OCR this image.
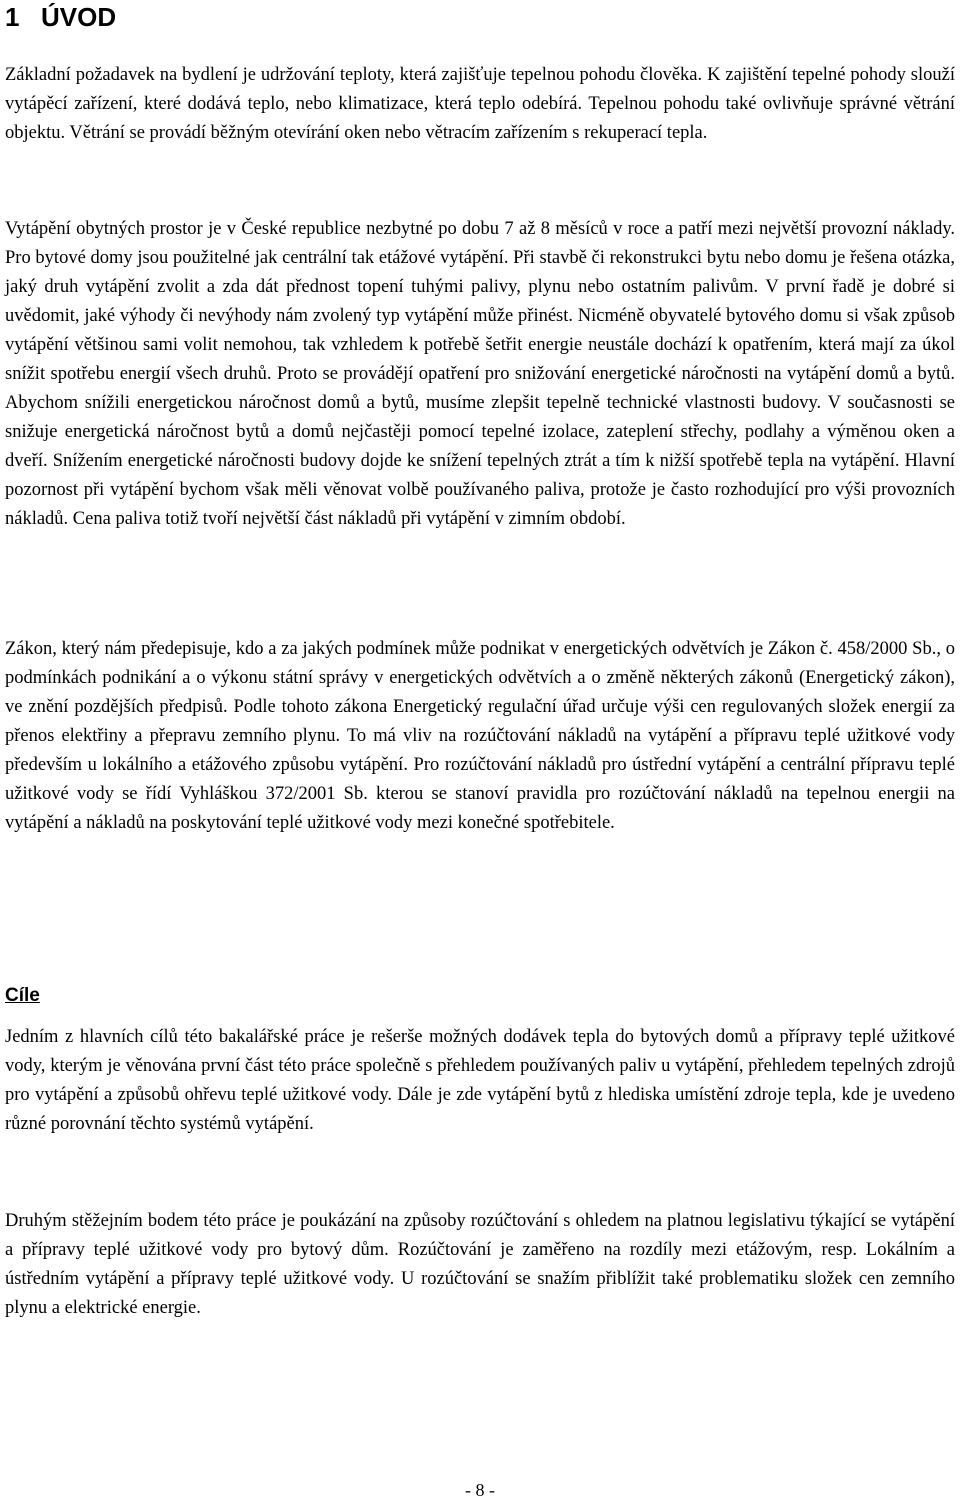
1 ÚVOD

Základní požadavek na bydlení je udržování teploty, která zajišťuje tepelnou pohodu člověka. K zajištění tepelné pohody slouží vytápěcí zařízení, které dodává teplo, nebo klimatizace, která teplo odebírá. Tepelnou pohodu také ovlivňuje správné větrání objektu. Větrání se provádí běžným otevírání oken nebo větracím zařízením s rekuperací tepla.

Vytápění obytných prostor je v České republice nezbytné po dobu 7 až 8 měsíců v roce a patří mezi největší provozní náklady. Pro bytové domy jsou použitelné jak centrální tak etážové vytápění. Při stavbě či rekonstrukci bytu nebo domu je řešena otázka, jaký druh vytápění zvolit a zda dát přednost topení tuhými palivy, plynu nebo ostatním palivům. V první řadě je dobré si uvědomit, jaké výhody či nevýhody nám zvolený typ vytápění může přinést. Nicméně obyvatelé bytového domu si však způsob vytápění většinou sami volit nemohou, tak vzhledem k potřebě šetřit energie neustále dochází k opatřením, která mají za úkol snížit spotřebu energií všech druhů. Proto se provádějí opatření pro snižování energetické náročnosti na vytápění domů a bytů. Abychom snížili energetickou náročnost domů a bytů, musíme zlepšit tepelně technické vlastnosti budovy. V současnosti se snižuje energetická náročnost bytů a domů nejčastěji pomocí tepelné izolace, zateplení střechy, podlahy a výměnou oken a dveří. Snížením energetické náročnosti budovy dojde ke snížení tepelných ztrát a tím k nižší spotřebě tepla na vytápění. Hlavní pozornost při vytápění bychom však měli věnovat volbě používaného paliva, protože je často rozhodující pro výši provozních nákladů. Cena paliva totiž tvoří největší část nákladů při vytápění v zimním období.

Zákon, který nám předepisuje, kdo a za jakých podmínek může podnikat v energetických odvětvích je Zákon č. 458/2000 Sb., o podmínkách podnikání a o výkonu státní správy v energetických odvětvích a o změně některých zákonů (Energetický zákon), ve znění pozdějších předpisů. Podle tohoto zákona Energetický regulační úřad určuje výši cen regulovaných složek energií za přenos elektřiny a přepravu zemního plynu. To má vliv na rozúčtování nákladů na vytápění a přípravu teplé užitkové vody především u lokálního a etážového způsobu vytápění. Pro rozúčtování nákladů pro ústřední vytápění a centrální přípravu teplé užitkové vody se řídí Vyhláškou 372/2001 Sb. kterou se stanoví pravidla pro rozúčtování nákladů na tepelnou energii na vytápění a nákladů na poskytování teplé užitkové vody mezi konečné spotřebitele.

Cíle

Jedním z hlavních cílů této bakalářské práce je rešerše možných dodávek tepla do bytových domů a přípravy teplé užitkové vody, kterým je věnována první část této práce společně s přehledem používaných paliv u vytápění, přehledem tepelných zdrojů pro vytápění a způsobů ohřevu teplé užitkové vody. Dále je zde vytápění bytů z hlediska umístění zdroje tepla, kde je uvedeno různé porovnání těchto systémů vytápění.

Druhým stěžejním bodem této práce je poukázání na způsoby rozúčtování s ohledem na platnou legislativu týkající se vytápění a přípravy teplé užitkové vody pro bytový dům. Rozúčtování je zaměřeno na rozdíly mezi etážovým, resp. Lokálním a ústředním vytápění a přípravy teplé užitkové vody. U rozúčtování se snažím přiblížit také problematiku složek cen zemního plynu a elektrické energie.

- 8 -
